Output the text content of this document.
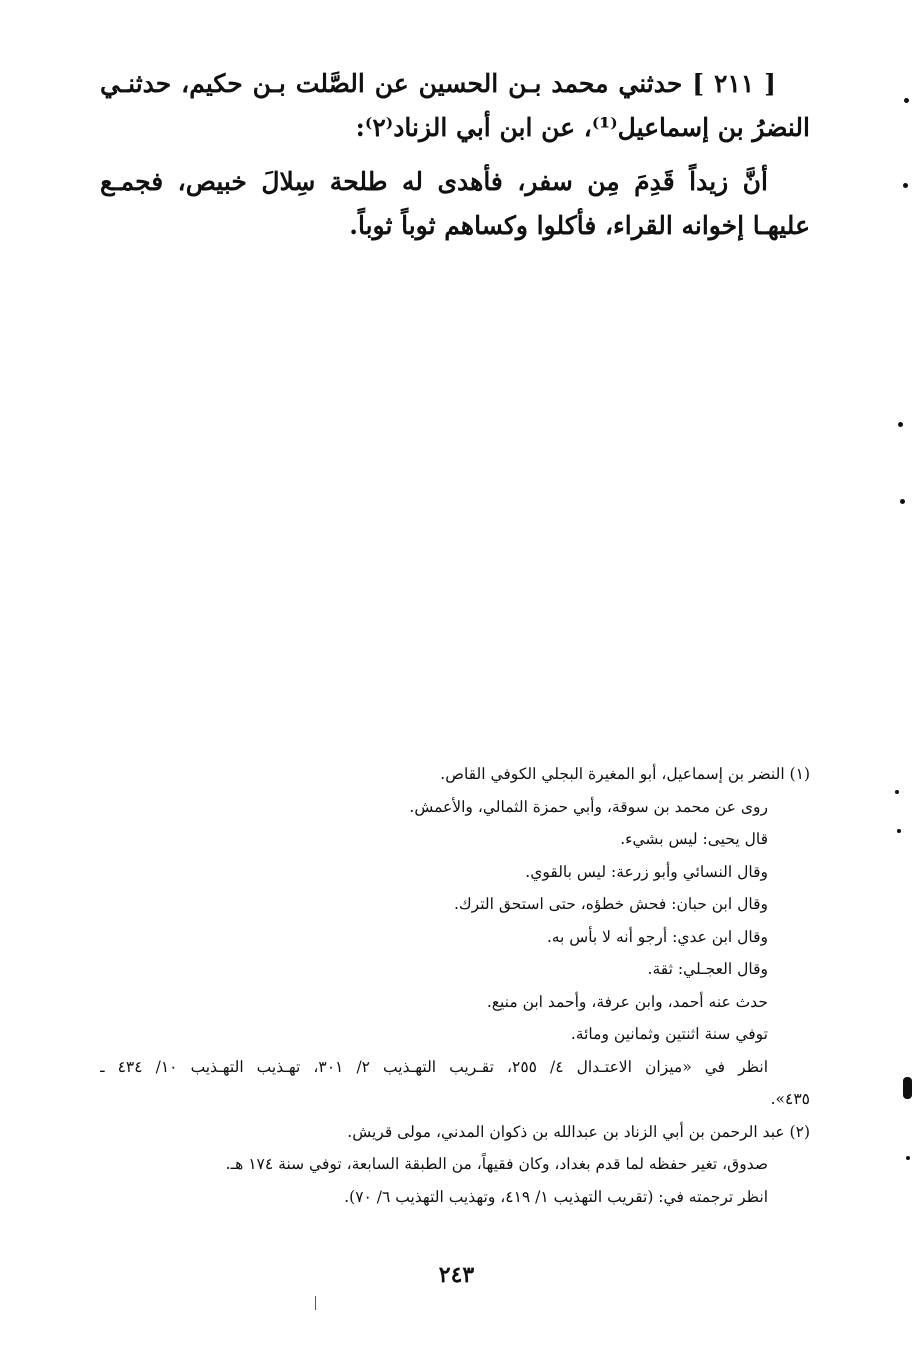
[ ٢١١ ] حدثني محمد بـن الحسين عن الصَّلت بـن حكيم، حدثنـي النضرُ بن إسماعيل⁽¹⁾، عن ابن أبي الزناد⁽٢⁾:

أنَّ زيداً قَدِمَ مِن سفر، فأهدى له طلحة سِلالَ خبيص، فجمـع عليهـا إخوانه القراء، فأكلوا وكساهم ثوباً ثوباً.

(١) النضر بن إسماعيل، أبو المغيرة البجلي الكوفي القاص.
روى عن محمد بن سوقة، وأبي حمزة الثمالي، والأعمش.
قال يحيى: ليس بشيء.
وقال النسائي وأبو زرعة: ليس بالقوي.
وقال ابن حبان: فحش خطؤه، حتى استحق الترك.
وقال ابن عدي: أرجو أنه لا بأس به.
وقال العجـلي: ثقة.
حدث عنه أحمد، وابن عرفة، وأحمد ابن منيع.
توفي سنة اثنتين وثمانين ومائة.
انظر في «ميزان الاعتـدال ٤/ ٢٥٥، تقـريب التهـذيب ٢/ ٣٠١، تهـذيب التهـذيب ١٠/ ٤٣٤ ـ
٤٣٥».
(٢) عبد الرحمن بن أبي الزناد بن عبدالله بن ذكوان المدني، مولى قريش.
صدوق، تغير حفظه لما قدم بغداد، وكان فقيهاً، من الطبقة السابعة، توفي سنة ١٧٤ هـ.
انظر ترجمته في: (تقريب التهذيب ١/ ٤١٩، وتهذيب التهذيب ٦/ ٧٠).
٢٤٣
